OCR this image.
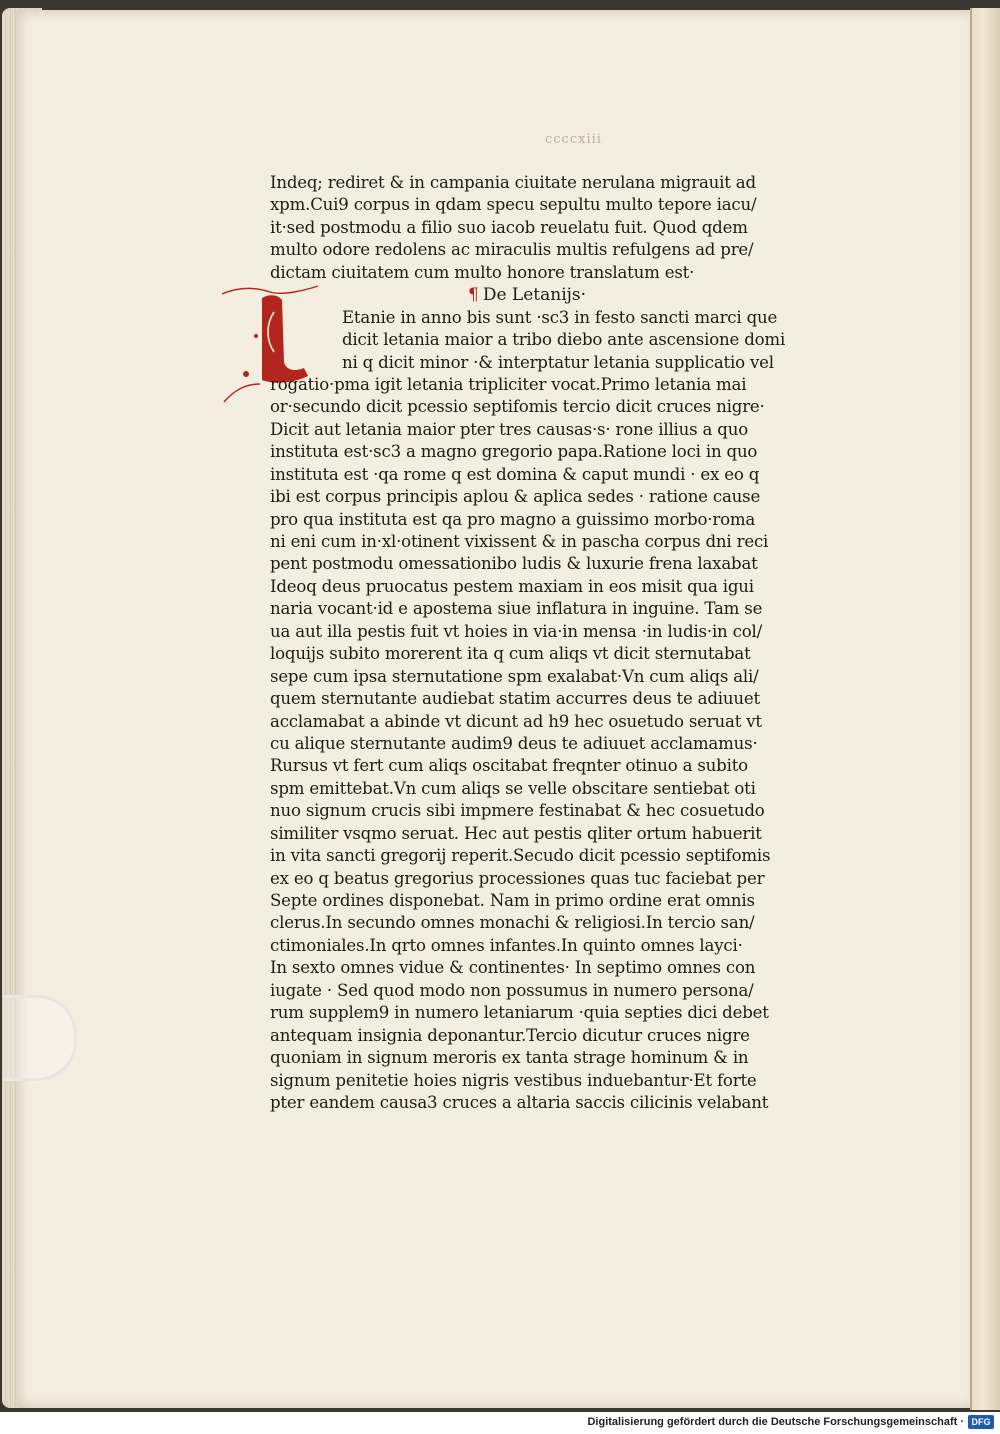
ccccxiii
Indeq; rediret & in campania ciuitate nerulana migrauit ad
xpm.Cui9 corpus in qdam specu sepultu multo tepore iacu/
it·sed postmodu a filio suo iacob reuelatu fuit. Quod qdem
multo odore redolens ac miraculis multis refulgens ad pre/
dictam ciuitatem cum multo honore translatum est·
¶ De Letanijs·
Etanie in anno bis sunt ·sc3 in festo sancti marci que
dicit letania maior a tribo diebo ante ascensione domi
ni q dicit minor ·& interptatur letania supplicatio vel
rogatio·pma igit letania tripliciter vocat.Primo letania mai
or·secundo dicit pcessio septifomis tercio dicit cruces nigre·
Dicit aut letania maior pter tres causas·s· rone illius a quo
instituta est·sc3 a magno gregorio papa.Ratione loci in quo
instituta est ·qa rome q est domina & caput mundi · ex eo q
ibi est corpus principis aplou & aplica sedes · ratione cause
pro qua instituta est qa pro magno a guissimo morbo·roma
ni eni cum in·xl·otinent vixissent & in pascha corpus dni reci
pent postmodu omessationibo ludis & luxurie frena laxabat
Ideoq deus pruocatus pestem maxiam in eos misit qua igui
naria vocant·id e apostema siue inflatura in inguine. Tam se
ua aut illa pestis fuit vt hoies in via·in mensa ·in ludis·in col/
loquijs subito morerent ita q cum aliqs vt dicit sternutabat
sepe cum ipsa sternutatione spm exalabat·Vn cum aliqs ali/
quem sternutante audiebat statim accurres deus te adiuuet
acclamabat a abinde vt dicunt ad h9 hec osuetudo seruat vt
cu alique sternutante audim9 deus te adiuuet acclamamus·
Rursus vt fert cum aliqs oscitabat freqnter otinuo a subito
spm emittebat.Vn cum aliqs se velle obscitare sentiebat oti
nuo signum crucis sibi impmere festinabat & hec cosuetudo
similiter vsqmo seruat. Hec aut pestis qliter ortum habuerit
in vita sancti gregorij reperit.Secudo dicit pcessio septifomis
ex eo q beatus gregorius processiones quas tuc faciebat per
Septe ordines disponebat. Nam in primo ordine erat omnis
clerus.In secundo omnes monachi & religiosi.In tercio san/
ctimoniales.In qrto omnes infantes.In quinto omnes layci·
In sexto omnes vidue & continentes· In septimo omnes con
iugate · Sed quod modo non possumus in numero persona/
rum supplem9 in numero letaniarum ·quia septies dici debet
antequam insignia deponantur.Tercio dicutur cruces nigre
quoniam in signum meroris ex tanta strage hominum & in
signum penitetie hoies nigris vestibus induebantur·Et forte
pter eandem causa3 cruces a altaria saccis cilicinis velabant
Digitalisierung gefördert durch die Deutsche Forschungsgemeinschaft · DFG
